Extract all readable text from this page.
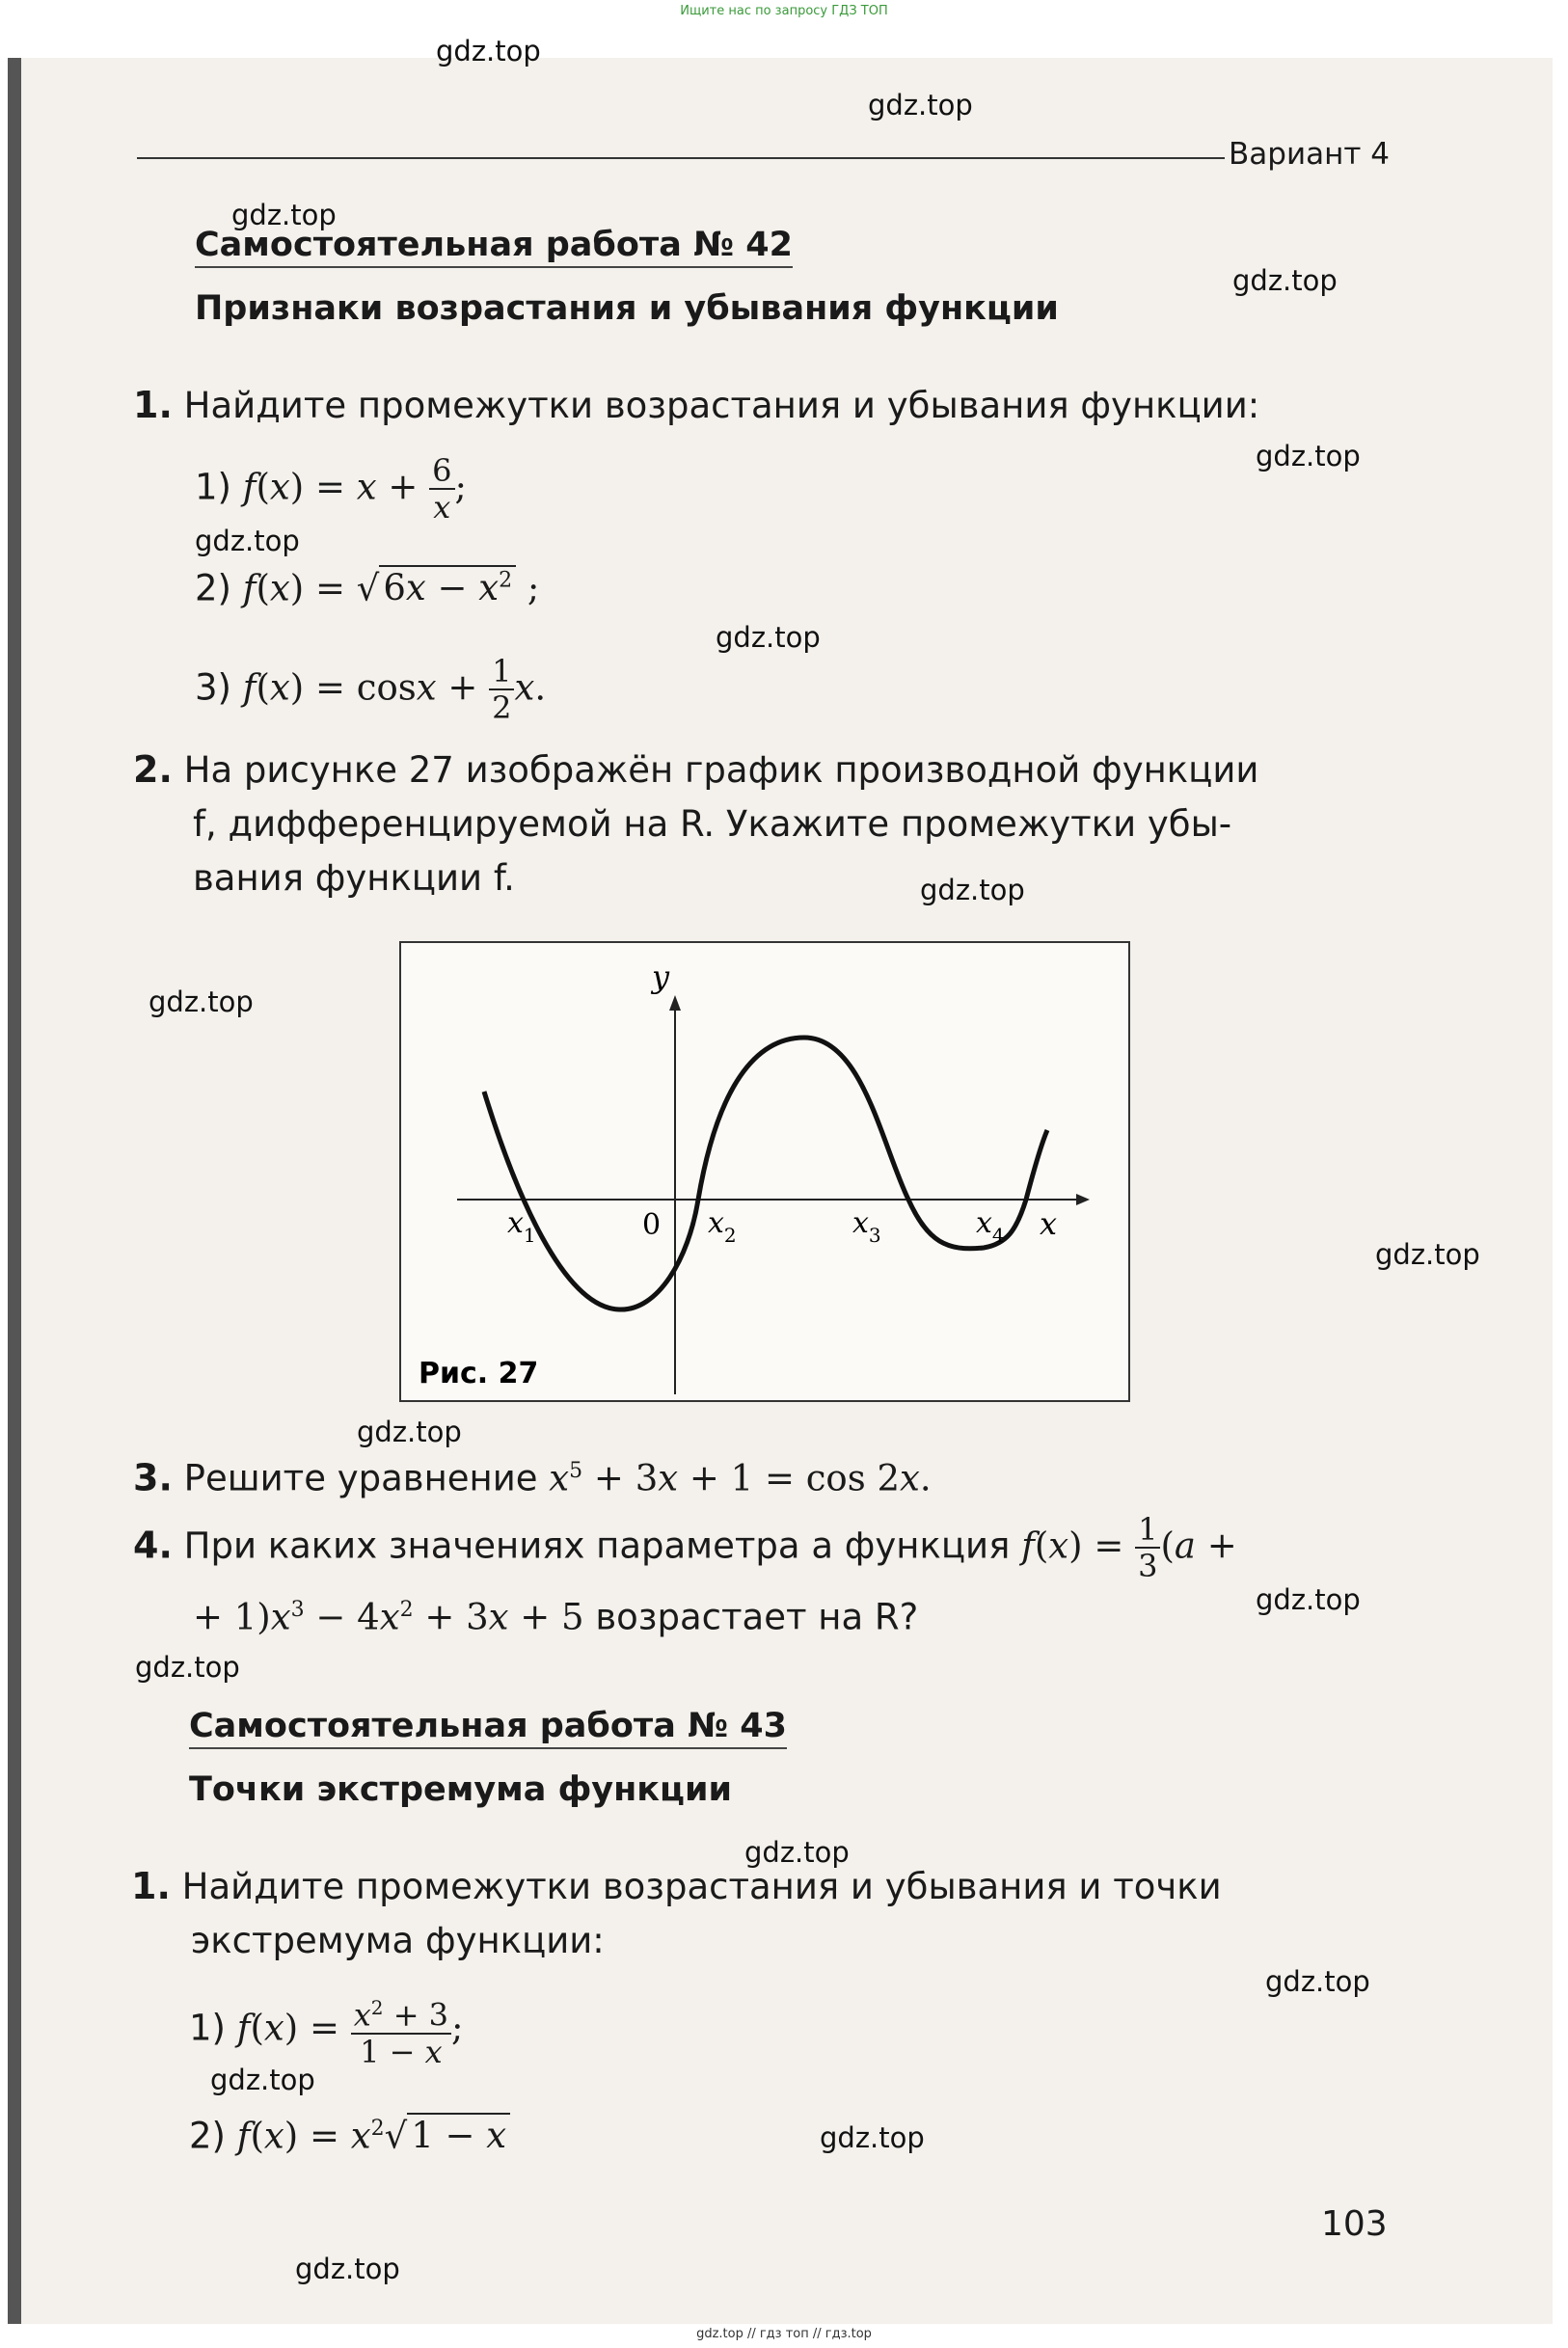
Ищите нас по запросу ГДЗ ТОП
gdz.top
gdz.top
gdz.top
gdz.top
gdz.top
gdz.top
gdz.top
gdz.top
gdz.top
gdz.top
gdz.top
gdz.top
gdz.top
gdz.top
gdz.top
gdz.top
gdz.top
gdz.top
Вариант 4
Самостоятельная работа № 42
Признаки возрастания и убывания функции
1. Найдите промежутки возрастания и убывания функции:
1) $f(x) = x + \frac{6}{x}$ ;
2) f(x) = √ $6x - x^2$ ;
3) $f(x) = \cos x + \frac{1}{2} x$.
2. На рисунке 27 изображён график производной функции
f, дифференцируемой на R. Укажите промежутки убы-
вания функции f.
y
x
$x_1$	0 $x_2$	$x_3$	$x_4$
Рис. 27
3. Решите уравнение $x^5 + 3x + 1 = \cos 2x$.
4. При каких значениях параметра a функция $f(x) = \frac{1}{3} (a$ +
+ $1)x^3 - 4x^2 + 3x + 5$ возрастает на R?
Самостоятельная работа № 43
Точки экстремума функции
1. Найдите промежутки возрастания и убывания и точки
экстремума функции:
1) $f(x) = \frac{x^2 + 3}{1 - x}$ ;
2) $f(x) = x^2√$ 1 − x
103
gdz.top // гдз топ // гдз.top
